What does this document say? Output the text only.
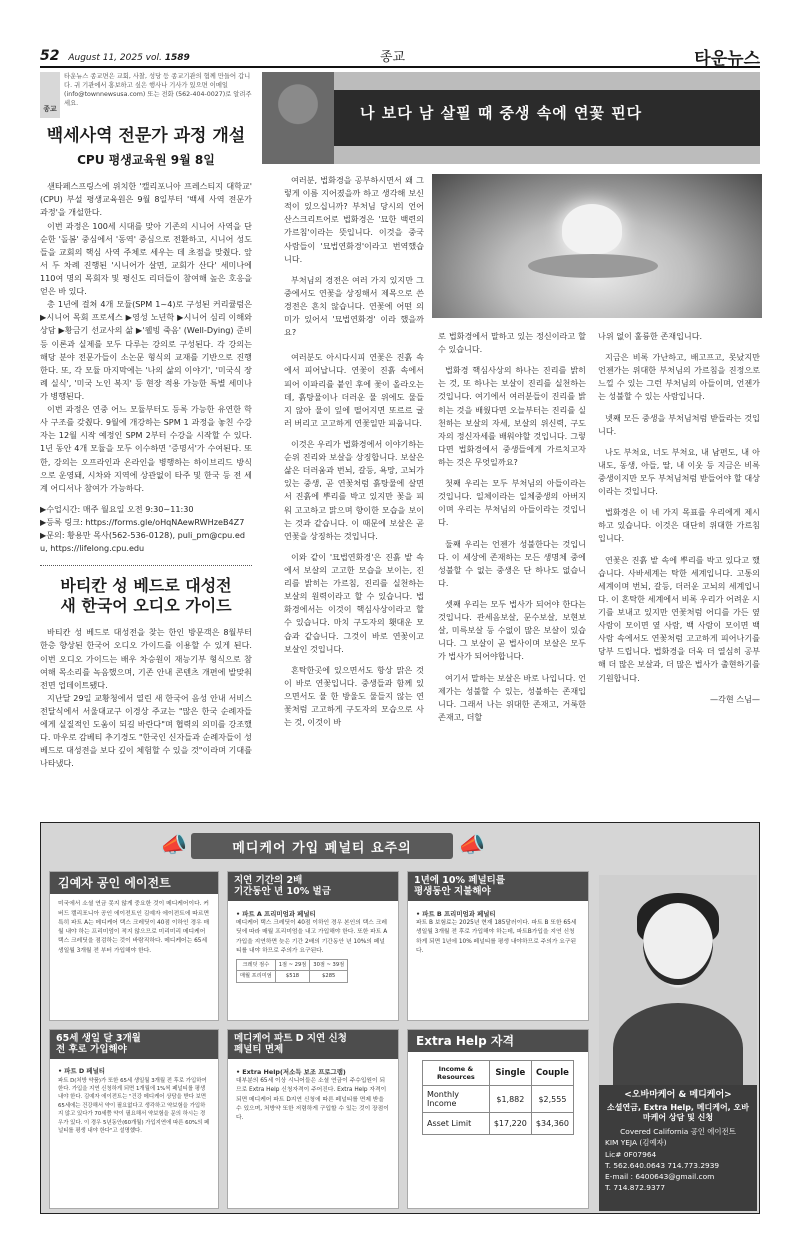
52 August 11, 2025 vol. 1589	종교	타운뉴스
종교
타운뉴스 종교면은 교회, 사찰, 성당 등 종교기관의 협께 만들어 갑니다. 귀 기관에서 홍보하고 싶은 행사나 기사가 있으면 이메일 (info@townnewsusa.com) 또는 전화 (562-404-0027)로 알려주세요.
백세사역 전문가 과정 개설
CPU 평생교육원 9월 8일

샌타페스프링스에 위치한 '캘리포니아 프레스티지 대학교' (CPU) 부설 평생교육원은 9월 8일부터 '백세 사역 전문가 과정'을 개설한다.

이번 과정은 100세 시대를 맞아 기존의 시니어 사역을 단순한 '돌봄' 중심에서 '동역' 중심으로 전환하고, 시니어 성도들을 교회의 핵심 사역 주체로 세우는 데 초점을 맞췄다. 앞서 두 차례 진행된 '시니어가 살면, 교회가 산다' 세미나에 110여 명의 목회자 및 평신도 리더들이 참여해 높은 호응을 얻은 바 있다.

총 1년에 걸쳐 4개 모듈(SPM 1~4)로 구성된 커리큘럼은 ▶시니어 목회 프로세스 ▶영성 노년학 ▶시니어 심리 이해와 상담 ▶황금기 선교사의 삶 ▶'웰빙 죽음' (Well-Dying) 준비 등 이론과 실제를 모두 다루는 강의로 구성된다. 각 강의는 해당 분야 전문가들이 소논문 형식의 교재를 기반으로 진행한다. 또, 각 모듈 마지막에는 '나의 삶의 이야기', '미국식 장례 실식', '미국 노인 복지' 등 현장 적용 가능한 특별 세미나가 병행된다.

이번 과정은 연중 어느 모듈부터도 등록 가능한 유연한 학사 구조를 갖췄다. 9월에 개강하는 SPM 1 과정을 놓친 수강자는 12월 시작 예정인 SPM 2부터 수강을 시작할 수 있다. 1년 동안 4개 모듈을 모두 이수하면 '증명서'가 수여된다. 또한, 강의는 오프라인과 온라인을 병행하는 하이브리드 방식으로 운영돼, 시차와 지역에 상관없이 타주 및 한국 등 전 세계 어디서나 참여가 가능하다.

▶수업시간: 매주 월요일 오전 9:30~11:30
▶등록 링크: https://forms.gle/oHqNAewRWHzeB4Z7
▶문의: 황용만 목사(562-536-0128), puli_pm@cpu.edu, https://lifelong.cpu.edu
바티칸 성 베드로 대성전
새 한국어 오디오 가이드

바티칸 성 베드로 대성전을 찾는 한인 방문객은 8월부터 한층 향상된 한국어 오디오 가이드를 이용할 수 있게 된다. 이번 오디오 가이드는 배우 차승원이 재능기부 형식으로 참여해 목소리를 녹음했으며, 기존 안내 콘텐츠 개편에 발맞춰 전면 업데이트됐다.

지난달 29일 교황청에서 열린 새 한국어 음성 안내 서비스 전달식에서 서울대교구 이경상 주교는 "많은 한국 순례자들에게 실질적인 도움이 되길 바란다"며 협력의 의미를 강조했다. 마우로 감베티 추기경도 "한국인 신자들과 순례자들이 성 베드로 대성전을 보다 깊이 체험할 수 있을 것"이라며 기대를 나타냈다.

나 보다 남 살필 때 중생 속에 연꽃 핀다

여러분, 법화경을 공부하시면서 왜 그렇게 이름 지어졌을까 하고 생각해 보신 적이 있으십니까? 부처님 당시의 언어 산스크리트어로 법화경은 '묘한 백련의 가르침'이라는 뜻입니다. 이것을 중국 사람들이 '묘법연화경'이라고 번역했습니다.

부처님의 경전은 여러 가지 있지만 그 중에서도 연꽃을 상징해서 제목으로 쓴 경전은 흔치 않습니다. 연꽃에 어떤 의미가 있어서 '묘법연화경' 이라 했을까요?

여러분도 아시다시피 연꽃은 진흙 속에서 피어납니다. 연꽃이 진흙 속에서 피어 이파리를 붙인 후에 꽃이 올라오는데, 흙탕물이나 더러운 물 위에도 물들지 않아 물이 잎에 떨어지면 또르르 굴러 버리고 고고하게 연꽃일만 피웁니다.

이것은 우리가 법화경에서 이야기하는 순위 진리와 보살을 상징합니다. 보살은 삶은 더러움과 번뇌, 갈등, 욕망, 고뇌가 있는 중생, 곧 연꽃처럼 흙탕물에 살면서 진흙에 뿌리를 박고 있지만 꽃을 피워 고고하고 맑으며 향이한 모습을 보이는 것과 같습니다. 이 때문에 보살은 곧 연꽃을 상징하는 것입니다.

이와 같이 '묘법연화경'은 진흙 밭 속에서 보살의 고고한 모습을 보이는, 진리를 밝히는 가르침, 진리를 실천하는 보살의 원력이라고 할 수 있습니다. 법화경에서는 이것이 핵심사상이라고 할 수 있습니다. 마치 구도자의 횃대운 모습과 같습니다. 그것이 바로 연꽃이고 보살인 것입니다.

혼탁한곳에 있으면서도 항상 맑은 것이 바로 연꽃입니다. 중생들과 함께 있으면서도 물 한 방울도 물들지 않는 연꽃처럼 고고하게 구도자의 모습으로 사는 것, 이것이 바

로 법화경에서 말하고 있는 정신이라고 할 수 있습니다.

법화경 핵심사상의 하나는 진리를 밝히는 것, 또 하나는 보살이 진리를 실천하는 것입니다. 여기에서 여러분들이 진리를 밝히는 것을 배웠다면 오늘부터는 진리를 실천하는 보살의 자세, 보살의 위신력, 구도자의 정신자세를 배워야할 것입니다. 그렇다면 법화경에서 중생들에게 가르치고자 하는 것은 무엇일까요?

첫째 우리는 모두 부처님의 아들이라는 것입니다. 일체이라는 일체중생의 아버지이며 우리는 부처님의 아들이라는 것입니다.

둘째 우리는 언젠가 성불한다는 것입니다. 이 세상에 존재하는 모든 생명체 중에 성불할 수 없는 중생은 단 하나도 없습니다.

셋째 우리는 모두 법사가 되어야 한다는 것입니다. 관세음보살, 문수보살, 보현보살, 미륵보살 등 수없이 많은 보살이 있습니다. 그 보살이 곧 법사이며 보살은 모두가 법사가 되어야합니다.

여기서 말하는 보살은 바로 나입니다. 언제가는 성불할 수 있는, 성불하는 존재입니다. 그래서 나는 위대한 존재고, 거룩한 존재고, 더할

나위 없이 훌륭한 존재입니다.

지금은 비록 가난하고, 배고프고, 못났지만 언젠가는 위대한 부처님의 가르침을 진정으로 느낄 수 있는 그런 부처님의 아들이며, 언젠가는 성불할 수 있는 사람입니다.

넷째 모든 중생을 부처님처럼 받들라는 것입니다.

나도 부처요, 너도 부처요, 내 남편도, 내 아내도, 동생, 아들, 딸, 내 이웃 등 지금은 비록 중생이지만 모두 부처님처럼 받들어야 할 대상이라는 것입니다.

법화경은 이 네 가지 목표를 우리에게 제시하고 있습니다. 이것은 대단히 위대한 가르침입니다.

연꽃은 진흙 밭 속에 뿌리를 박고 있다고 했습니다. 사바세계는 탁한 세계입니다. 고통의 세계이며 번뇌, 갈등, 더러운 고뇌의 세계입니다. 이 혼탁한 세계에서 비록 우리가 어려운 시기를 보내고 있지만 연꽃처럼 어디를 가든 옆 사람이 모이면 옆 사람, 백 사람이 모이면 백 사람 속에서도 연꽃처럼 고고하게 피어나기를 당부 드립니다. 법화경을 더욱 더 열심히 공부해 더 많은 보살과, 더 많은 법사가 출현하기를 기원합니다.

—각현 스님—
📣	메디케어 가입 페널티 요주의	📣
김예자 공인 에이전트
미국에서 소셜 연금 못지 않게 중요한 것이 메디케어이다. 커버드 캘리포니아 공인 에이전트인 김예자 에이전트에 따르면 특히 파트 A는 메디케어 택스 크레딧이 40점 이하인 경우 매월 내야 하는 프리미엄이 적지 않으므로 미리미리 메디케어 택스 크레딧을 점검하는 것이 바람직하다. 메디케어는 65세 생일월 3개월 전 부터 가입해야 한다.
지연 기간의 2배
기간동안 년 10% 벌금
• 파트 A 프리미엄과 페널티
메디케어 택스 크레딧이 40점 이하인 경우 본인의 택스 크레딧에 따라 매월 프리미엄을 내고 가입해야 한다. 또한 파트 A 가입을 지연하면 늦은 기간 2배의 기간동안 년 10%의 페널티를 내야 하므로 주의가 요구된다.
크레딧 점수	1점 ~ 29점	30점 ~ 39점
매월 프리미엄	$518	$285
1년에 10% 페널티를
평생동안 지불해야
• 파트 B 프리미엄과 페널티
파트 B 보험료는 2025년 현재 185달러이다. 파트 B 또한 65세 생일월 3개월 전 후로 가입해야 하는데, 파트B가입을 지연 신청하게 되면 1년에 10% 페널티를 평생 내야하므로 주의가 요구된다.
65세 생일 달 3개월
전 후로 가입해야
• 파트 D 페널티
파트 D(처방 약품)가 또한 65세 생일월 3개월 전 후로 가입하여한다. 가입을 지연 신청하게 되면 1개월에 1%씩 페널티를 평생내야 한다. 김예자 에이전트는 "건강 메디케어 상담을 받다 보면 65세에는 건강해서 약이 필요없다고 생각하고 약보험을 가입하지 않고 있다가 70세쯤 약이 필요해서 약보험을 문의 하시는 경우가 있다. 이 경우 5년동안(60개월) 가입지연에 따른 60%의 페널티를 평생 내야 한다"고 설명했다.
메디케어 파트 D 지연 신청
페널티 면제
• Extra Help(저소득 보조 프로그램)
대부분의 65세 이상 시니어들은 소셜 연금이 주수입원이 되므로 Extra Help 신청자격이 주어진다. Extra Help 자격이 되면 메디케어 파트 D지연 신청에 따른 페널티를 면제 받을 수 있으며, 처방약 또한 저렴하게 구입할 수 있는 것이 장점이다.
Extra Help 자격
Income & Resources	Single	Couple
Monthly Income	$1,882	$2,555
Asset Limit	$17,220	$34,360
<오바마케어 & 메디케어>
소셜연금, Extra Help, 메디케어, 오바마케어 상담 및 신청
Covered California 공인 에이전트
KIM YEJA (김예자)
Lic# 0F07964
T. 562.640.0643 714.773.2939
E-mail : 6400643@gmail.com
T. 714.872.9377
